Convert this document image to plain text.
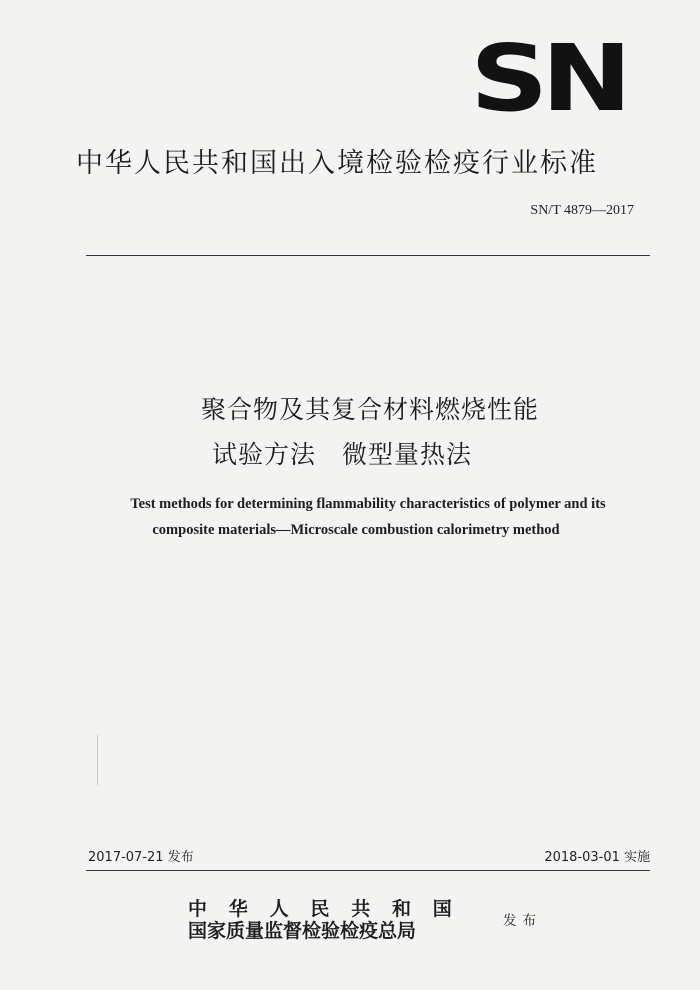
SN
中华人民共和国出入境检验检疫行业标准
SN/T 4879—2017
聚合物及其复合材料燃烧性能
试验方法 微型量热法
Test methods for determining flammability characteristics of polymer and its
composite materials—Microscale combustion calorimetry method
2017-07-21 发布	2018-03-01 实施
中华人民共和国
国家质量监督检验检疫总局	发布
